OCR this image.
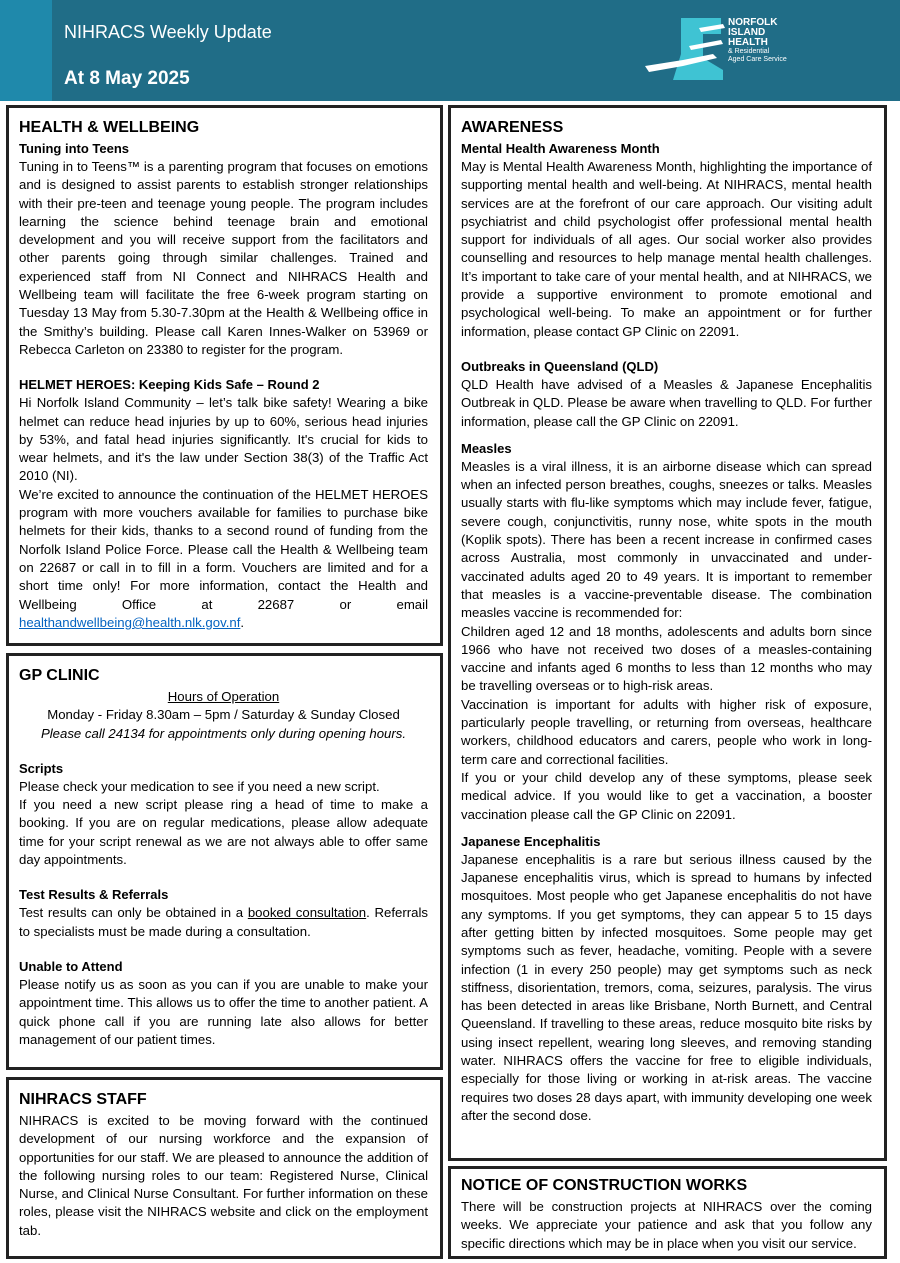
NIHRACS Weekly Update
At 8 May 2025
NORFOLK
ISLAND
HEALTH

& Residential
Aged Care Service
HEALTH & WELLBEING
Tuning into Teens

Tuning in to Teens™ is a parenting program that focuses on emotions and is designed to assist parents to establish stronger relationships with their pre-teen and teenage young people. The program includes learning the science behind teenage brain and emotional development and you will receive support from the facilitators and other parents going through similar challenges. Trained and experienced staff from NI Connect and NIHRACS Health and Wellbeing team will facilitate the free 6-week program starting on Tuesday 13 May from 5.30-7.30pm at the Health & Wellbeing office in the Smithy’s building. Please call Karen Innes-Walker on 53969 or Rebecca Carleton on 23380 to register for the program.

HELMET HEROES: Keeping Kids Safe – Round 2

Hi Norfolk Island Community – let’s talk bike safety! Wearing a bike helmet can reduce head injuries by up to 60%, serious head injuries by 53%, and fatal head injuries significantly. It's crucial for kids to wear helmets, and it's the law under Section 38(3) of the Traffic Act 2010 (NI).

We’re excited to announce the continuation of the HELMET HEROES program with more vouchers available for families to purchase bike helmets for their kids, thanks to a second round of funding from the Norfolk Island Police Force. Please call the Health & Wellbeing team on 22687 or call in to fill in a form. Vouchers are limited and for a short time only! For more information, contact the Health and Wellbeing Office at 22687 or email healthandwellbeing@health.nlk.gov.nf.

GP CLINIC

Hours of Operation

Monday - Friday 8.30am – 5pm / Saturday & Sunday Closed

Please call 24134 for appointments only during opening hours.

Scripts

Please check your medication to see if you need a new script.

If you need a new script please ring a head of time to make a booking. If you are on regular medications, please allow adequate time for your script renewal as we are not always able to offer same day appointments.

Test Results & Referrals

Test results can only be obtained in a booked consultation. Referrals to specialists must be made during a consultation.

Unable to Attend

Please notify us as soon as you can if you are unable to make your appointment time. This allows us to offer the time to another patient. A quick phone call if you are running late also allows for better management of our patient times.

NIHRACS STAFF

NIHRACS is excited to be moving forward with the continued development of our nursing workforce and the expansion of opportunities for our staff. We are pleased to announce the addition of the following nursing roles to our team: Registered Nurse, Clinical Nurse, and Clinical Nurse Consultant. For further information on these roles, please visit the NIHRACS website and click on the employment tab.

AWARENESS
Mental Health Awareness Month

May is Mental Health Awareness Month, highlighting the importance of supporting mental health and well-being. At NIHRACS, mental health services are at the forefront of our care approach. Our visiting adult psychiatrist and child psychologist offer professional mental health support for individuals of all ages. Our social worker also provides counselling and resources to help manage mental health challenges. It’s important to take care of your mental health, and at NIHRACS, we provide a supportive environment to promote emotional and psychological well-being. To make an appointment or for further information, please contact GP Clinic on 22091.

Outbreaks in Queensland (QLD)

QLD Health have advised of a Measles & Japanese Encephalitis Outbreak in QLD. Please be aware when travelling to QLD. For further information, please call the GP Clinic on 22091.

Measles

Measles is a viral illness, it is an airborne disease which can spread when an infected person breathes, coughs, sneezes or talks. Measles usually starts with flu-like symptoms which may include fever, fatigue, severe cough, conjunctivitis, runny nose, white spots in the mouth (Koplik spots). There has been a recent increase in confirmed cases across Australia, most commonly in unvaccinated and under-vaccinated adults aged 20 to 49 years. It is important to remember that measles is a vaccine-preventable disease. The combination measles vaccine is recommended for:

Children aged 12 and 18 months, adolescents and adults born since 1966 who have not received two doses of a measles-containing vaccine and infants aged 6 months to less than 12 months who may be travelling overseas or to high-risk areas.

Vaccination is important for adults with higher risk of exposure, particularly people travelling, or returning from overseas, healthcare workers, childhood educators and carers, people who work in long-term care and correctional facilities.

If you or your child develop any of these symptoms, please seek medical advice. If you would like to get a vaccination, a booster vaccination please call the GP Clinic on 22091.

Japanese Encephalitis

Japanese encephalitis is a rare but serious illness caused by the Japanese encephalitis virus, which is spread to humans by infected mosquitoes. Most people who get Japanese encephalitis do not have any symptoms. If you get symptoms, they can appear 5 to 15 days after getting bitten by infected mosquitoes. Some people may get symptoms such as fever, headache, vomiting. People with a severe infection (1 in every 250 people) may get symptoms such as neck stiffness, disorientation, tremors, coma, seizures, paralysis. The virus has been detected in areas like Brisbane, North Burnett, and Central Queensland. If travelling to these areas, reduce mosquito bite risks by using insect repellent, wearing long sleeves, and removing standing water. NIHRACS offers the vaccine for free to eligible individuals, especially for those living or working in at-risk areas. The vaccine requires two doses 28 days apart, with immunity developing one week after the second dose.

NOTICE OF CONSTRUCTION WORKS

There will be construction projects at NIHRACS over the coming weeks. We appreciate your patience and ask that you follow any specific directions which may be in place when you visit our service.
